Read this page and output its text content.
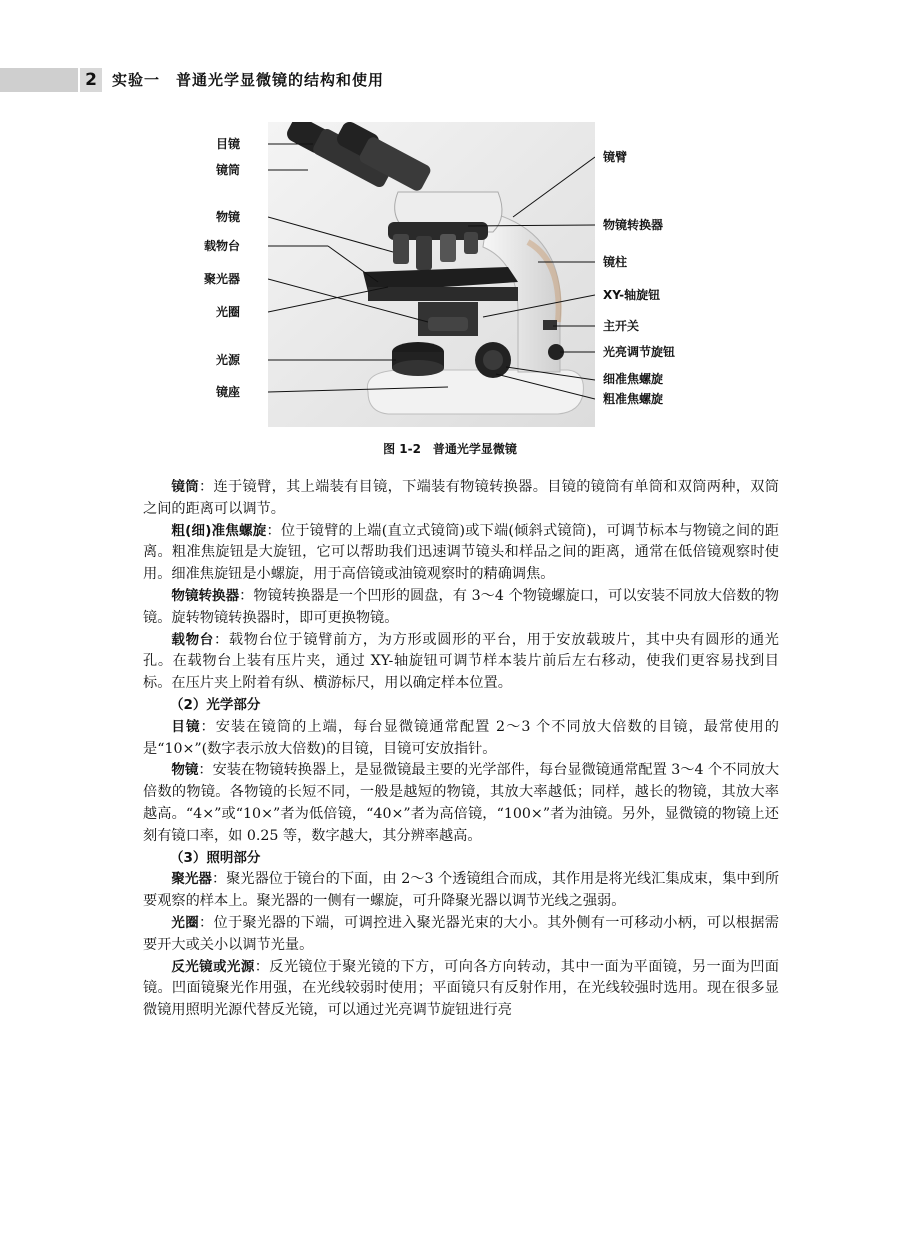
2	实验一　普通光学显微镜的结构和使用
目镜
镜筒
物镜
载物台
聚光器
光圈
光源
镜座
镜臂
物镜转换器
镜柱
XY-轴旋钮
主开关
光亮调节旋钮
细准焦螺旋
粗准焦螺旋
图 1-2　普通光学显微镜

镜筒：连于镜臂，其上端装有目镜，下端装有物镜转换器。目镜的镜筒有单筒和双筒两种，双筒之间的距离可以调节。

粗(细)准焦螺旋：位于镜臂的上端(直立式镜筒)或下端(倾斜式镜筒)，可调节标本与物镜之间的距离。粗准焦旋钮是大旋钮，它可以帮助我们迅速调节镜头和样品之间的距离，通常在低倍镜观察时使用。细准焦旋钮是小螺旋，用于高倍镜或油镜观察时的精确调焦。

物镜转换器：物镜转换器是一个凹形的圆盘，有 3～4 个物镜螺旋口，可以安装不同放大倍数的物镜。旋转物镜转换器时，即可更换物镜。

载物台：载物台位于镜臂前方，为方形或圆形的平台，用于安放载玻片，其中央有圆形的通光孔。在载物台上装有压片夹，通过 XY-轴旋钮可调节样本装片前后左右移动，使我们更容易找到目标。在压片夹上附着有纵、横游标尺，用以确定样本位置。

（2）光学部分

目镜：安装在镜筒的上端，每台显微镜通常配置 2～3 个不同放大倍数的目镜，最常使用的是“10×”(数字表示放大倍数)的目镜，目镜可安放指针。

物镜：安装在物镜转换器上，是显微镜最主要的光学部件，每台显微镜通常配置 3～4 个不同放大倍数的物镜。各物镜的长短不同，一般是越短的物镜，其放大率越低；同样，越长的物镜，其放大率越高。“4×”或“10×”者为低倍镜，“40×”者为高倍镜，“100×”者为油镜。另外，显微镜的物镜上还刻有镜口率，如 0.25 等，数字越大，其分辨率越高。

（3）照明部分

聚光器：聚光器位于镜台的下面，由 2～3 个透镜组合而成，其作用是将光线汇集成束，集中到所要观察的样本上。聚光器的一侧有一螺旋，可升降聚光器以调节光线之强弱。

光圈：位于聚光器的下端，可调控进入聚光器光束的大小。其外侧有一可移动小柄，可以根据需要开大或关小以调节光量。

反光镜或光源：反光镜位于聚光镜的下方，可向各方向转动，其中一面为平面镜，另一面为凹面镜。凹面镜聚光作用强，在光线较弱时使用；平面镜只有反射作用，在光线较强时选用。现在很多显微镜用照明光源代替反光镜，可以通过光亮调节旋钮进行亮
